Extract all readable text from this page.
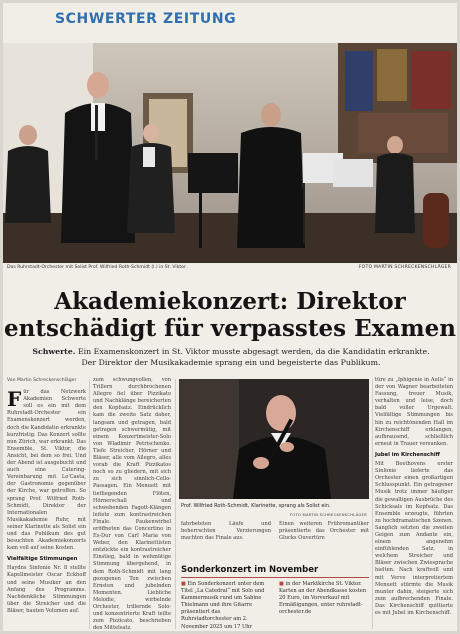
SCHWERTER ZEITUNG
Das Ruhrstadt-Orchester mit Solist Prof. Wilfried Roth-Schmidt (l.) in St. Viktor.	FOTO MARTIN SCHRECKENSCHLÄGER
Akademiekonzert: Direktor
entschädigt für verpasstes Examen
Schwerte. Ein Examenskonzert in St. Viktor musste abgesagt werden, da die Kandidatin erkrankte.
Der Direktor der Musikakademie sprang ein und begeisterte das Publikum.
Von Martin Schreckenschläger
F ür das Netzwerk Akademien Schwerte soll es ein mit dem Ruhrstadt-Orchester ein Examenskonzert werden, doch die Kandidatin erkrankte kurzfristig. Das Konzert sollte nun Zürich, war erkrankt. Das Ensemble, St. Viktor, die Ansicht, bei dem so frei. Und der Abend ist ausgebucht und auch eine Catering-Vereinbarung mit Lo'Casta, der Gastronomie gegenüber der Kirche, war getroffen. So sprang Prof. Wilfried Roth-Schmidt, Direktor der Internationalen Musikakademie Ruhr, mit seiner Klarinette als Solist ein und das Publikum des gut besuchten Akademiekonzerts kam voll auf seine Kosten.
Vielfältige Stimmungen
Haydns Sinfonie Nr. 8 stellte Kapellmeister Oscar Eckhoff und seine Musiker an den Anfang des Programms. Nachdenkliche Stimmungen über die Streicher und die Bläser, bauten Volumen auf.
zum schwungvollen, von Trillern durchbrochenen Allegro fiel über Pizzikato und Nachklänge bereicherten den Kopfsatz. Eindrücklich kam die zweite Satz daher, langsam und getragen, bald getragen schwermütig, mit einem Konzertmeister-Solo von Wladimir Petrischenko. Tiefe Streicher, Hörner und Bläser, alle vom Allegro, alles vorab die Kraft Pizzikatos noch so zu gliedern, mit sich zu sich sinnlich-Cello-Passagen. Ein Menuett mit tiefliegenden Flöten, Hörnerschall und schwebenden Fagott-Klängen leitete zum kontrastreichen Finale. Paukenwirbel eröffneten das Concertino in Es-Dur von Carl Maria von Weber, den Klarinettisten entzückte ein kontrastreicher Einstieg, bald in wehmütige Stimmung übergehend, in dem Roth-Schmidt mit lang gezogenen Ton zwischen Ernsten und jubelnden Momenten. Liebliche Melodie, wirbelnde Orchester, trillernde Solo- und konzentrierte Kraft teilte zum Pizzicato, beschrieben den Mittelsatz.
Prof. Wilfried Roth-Schmidt, Klarinette, sprang als Solist ein.
FOTO MARTIN SCHRECKENSCHLÄGER
fahrbeteten Läufe und beherrschten Verzierungen machten das Finale aus.
Einen weiteren Frühromantiker präsentierte das Orchester mit Glucks Ouvertüre
Sonderkonzert im November
■ Ein Sonderkonzert unter dem Titel „La Catedral“ mit Solo und Kammermusik rund um Sabine Thielmann und ihre Gitarre präsentiert das Ruhrstadtorchester am 2. November 2025 um 17 Uhr
■ in der Marktkirche St. Viktor. Karten an der Abendkasse kosten 20 Euro, im Vorverkauf mit Ermäßigungen, unter ruhrstadt-orchester.de
türe zu „Iphigenie in Aulis“ in der von Wagner bearbeiteten Fassung, treuer Musik, verhalten und leise, doch bald voller Urgewalt. Vielfältige Stimmungen bis hin zu reichtönenden Hall im Kirchenschiff erklangen, aufbrausend, schließlich erneut in Trauer versunken.
Jubel im Kirchenschiff
Mit Beethovens erster Sinfonie lieferte das Orchester einen großartigen Schlusspunkt. Ein getragener Musik trotz immer häufiger die gewaltigen Ausbrüche des Schicksals im Kopfsatz. Das Ensemble erzeugte, führten zu hochdramatischen Szenen. Sanglich setzten die zweiten Geigen zum Andante ein, einem angenehm einfühlenden Satz, in welchem Streicher und Bläser zwischen Zwiesprache hielten. Nach kraftvoll und mit Verve interpretiertem Menuett stürmte die Musik munter dahin, steigerte sich zum aufbrechenden Finale. Das Kirchenschiff quittierte es mit Jubel im Kirchenschiff.
